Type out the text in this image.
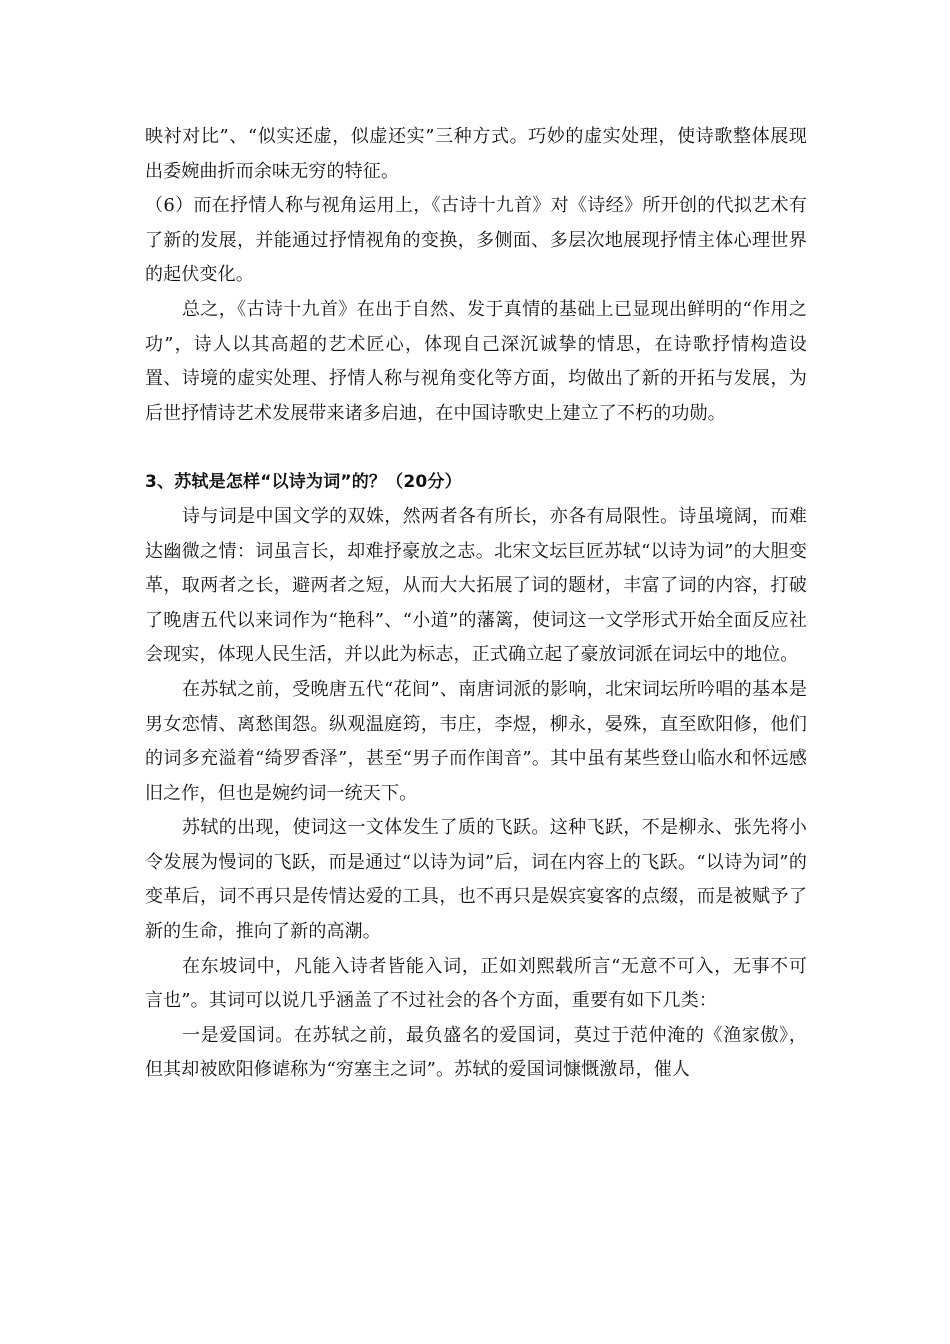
映衬对比”、“似实还虚，似虚还实”三种方式。巧妙的虚实处理，使诗歌整体展现出委婉曲折而余味无穷的特征。

（6）而在抒情人称与视角运用上，《古诗十九首》对《诗经》所开创的代拟艺术有了新的发展，并能通过抒情视角的变换，多侧面、多层次地展现抒情主体心理世界的起伏变化。

总之，《古诗十九首》在出于自然、发于真情的基础上已显现出鲜明的“作用之功”，诗人以其高超的艺术匠心，体现自己深沉诚挚的情思，在诗歌抒情构造设置、诗境的虚实处理、抒情人称与视角变化等方面，均做出了新的开拓与发展，为后世抒情诗艺术发展带来诸多启迪，在中国诗歌史上建立了不朽的功勋。

3、苏轼是怎样“以诗为词”的？（20分）

诗与词是中国文学的双姝，然两者各有所长，亦各有局限性。诗虽境阔，而难达幽微之情：词虽言长，却难抒豪放之志。北宋文坛巨匠苏轼“以诗为词”的大胆变革，取两者之长，避两者之短，从而大大拓展了词的题材，丰富了词的内容，打破了晚唐五代以来词作为“艳科”、“小道”的藩篱，使词这一文学形式开始全面反应社会现实，体现人民生活，并以此为标志，正式确立起了豪放词派在词坛中的地位。

在苏轼之前，受晚唐五代“花间”、南唐词派的影响，北宋词坛所吟唱的基本是男女恋情、离愁闺怨。纵观温庭筠，韦庄，李煜，柳永，晏殊，直至欧阳修，他们的词多充溢着“绮罗香泽”，甚至“男子而作闺音”。其中虽有某些登山临水和怀远感旧之作，但也是婉约词一统天下。

苏轼的出现，使词这一文体发生了质的飞跃。这种飞跃，不是柳永、张先将小令发展为慢词的飞跃，而是通过“以诗为词”后，词在内容上的飞跃。“以诗为词”的变革后，词不再只是传情达爱的工具，也不再只是娱宾宴客的点缀，而是被赋予了新的生命，推向了新的高潮。

在东坡词中，凡能入诗者皆能入词，正如刘熙载所言“无意不可入，无事不可言也”。其词可以说几乎涵盖了不过社会的各个方面，重要有如下几类：

一是爱国词。在苏轼之前，最负盛名的爱国词，莫过于范仲淹的《渔家傲》，但其却被欧阳修谑称为“穷塞主之词”。苏轼的爱国词慷慨激昂，催人
